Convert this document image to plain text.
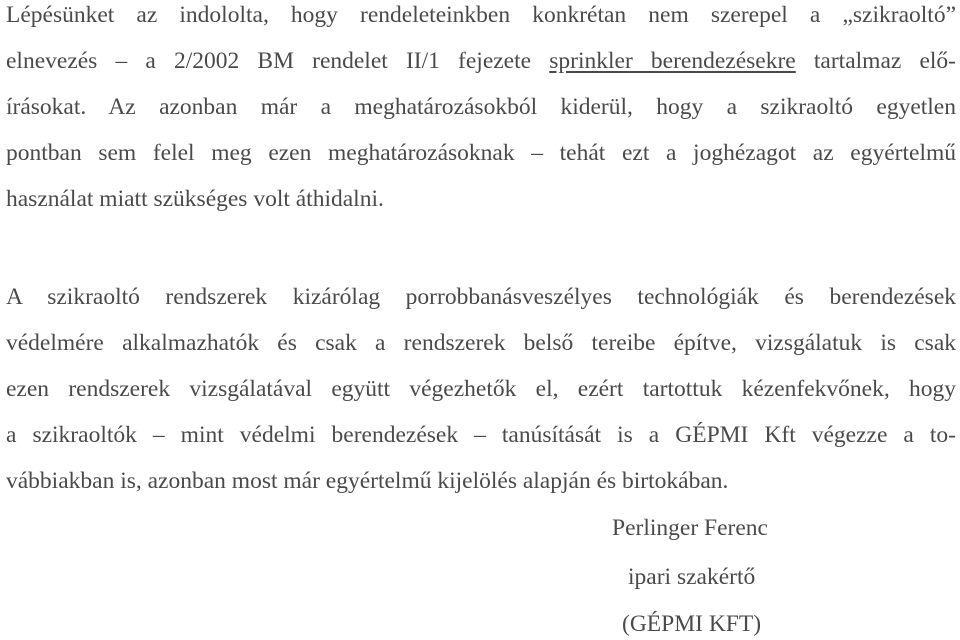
Lépésünket az indololta, hogy rendeleteinkben konkrétan nem szerepel a „szikraoltó”
elnevezés – a 2/2002 BM rendelet II/1 fejezete sprinkler berendezésekre tartalmaz elő-
írásokat. Az azonban már a meghatározásokból kiderül, hogy a szikraoltó egyetlen
pontban sem felel meg ezen meghatározásoknak – tehát ezt a joghézagot az egyértelmű
használat miatt szükséges volt áthidalni.
A szikraoltó rendszerek kizárólag porrobbanásveszélyes technológiák és berendezések
védelmére alkalmazhatók és csak a rendszerek belső tereibe építve, vizsgálatuk is csak
ezen rendszerek vizsgálatával együtt végezhetők el, ezért tartottuk kézenfekvőnek, hogy
a szikraoltók – mint védelmi berendezések – tanúsítását is a GÉPMI Kft végezze a to-
vábbiakban is, azonban most már egyértelmű kijelölés alapján és birtokában.
Perlinger Ferenc
ipari szakértő
(GÉPMI KFT)
